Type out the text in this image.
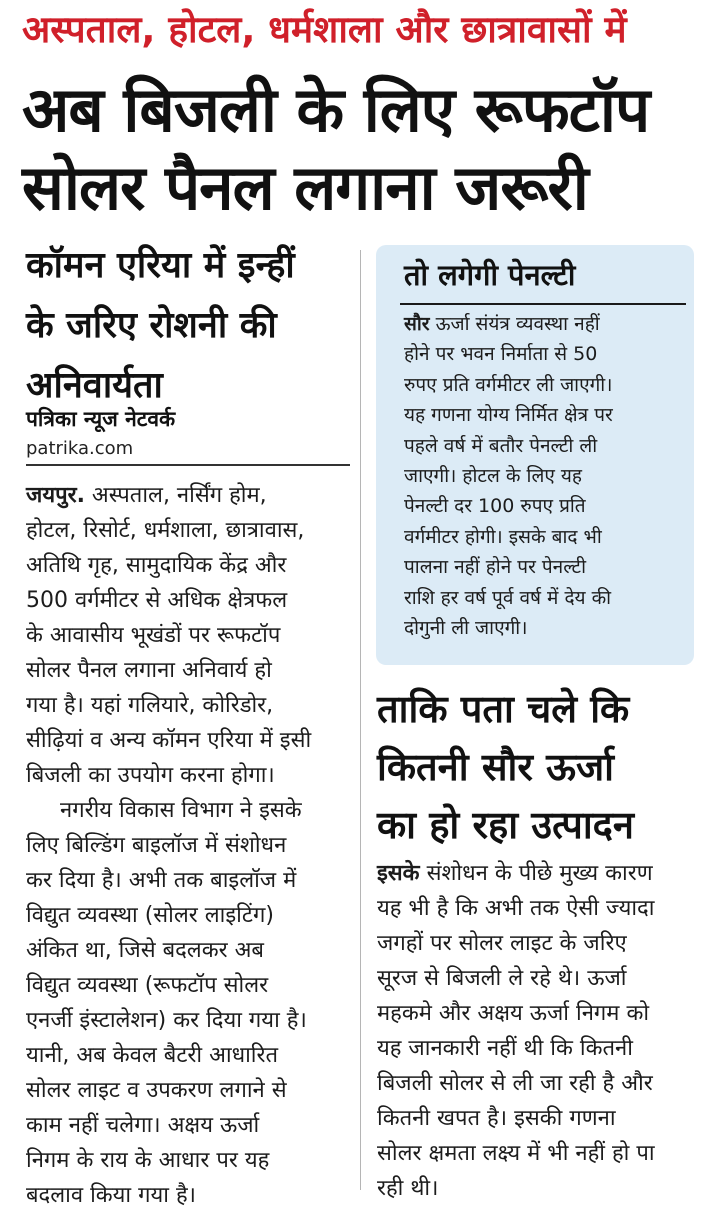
अस्पताल, होटल, धर्मशाला और छात्रावासों में
अब बिजली के लिए रूफटॉप
सोलर पैनल लगाना जरूरी
कॉमन एरिया में इन्हीं
के जरिए रोशनी की
अनिवार्यता
पत्रिका न्यूज नेटवर्क
patrika.com
जयपुर. अस्पताल, नर्सिंग होम,
होटल, रिसोर्ट, धर्मशाला, छात्रावास,
अतिथि गृह, सामुदायिक केंद्र और
500 वर्गमीटर से अधिक क्षेत्रफल
के आवासीय भूखंडों पर रूफटॉप
सोलर पैनल लगाना अनिवार्य हो
गया है। यहां गलियारे, कोरिडोर,
सीढ़ियां व अन्य कॉमन एरिया में इसी
बिजली का उपयोग करना होगा।
नगरीय विकास विभाग ने इसके
लिए बिल्डिंग बाइलॉज में संशोधन
कर दिया है। अभी तक बाइलॉज में
विद्युत व्यवस्था (सोलर लाइटिंग)
अंकित था, जिसे बदलकर अब
विद्युत व्यवस्था (रूफटॉप सोलर
एनर्जी इंस्टालेशन) कर दिया गया है।
यानी, अब केवल बैटरी आधारित
सोलर लाइट व उपकरण लगाने से
काम नहीं चलेगा। अक्षय ऊर्जा
निगम के राय के आधार पर यह
बदलाव किया गया है।
तो लगेगी पेनल्टी
सौर ऊर्जा संयंत्र व्यवस्था नहीं
होने पर भवन निर्माता से 50
रुपए प्रति वर्गमीटर ली जाएगी।
यह गणना योग्य निर्मित क्षेत्र पर
पहले वर्ष में बतौर पेनल्टी ली
जाएगी। होटल के लिए यह
पेनल्टी दर 100 रुपए प्रति
वर्गमीटर होगी। इसके बाद भी
पालना नहीं होने पर पेनल्टी
राशि हर वर्ष पूर्व वर्ष में देय की
दोगुनी ली जाएगी।
ताकि पता चले कि
कितनी सौर ऊर्जा
का हो रहा उत्पादन
इसके संशोधन के पीछे मुख्य कारण
यह भी है कि अभी तक ऐसी ज्यादा
जगहों पर सोलर लाइट के जरिए
सूरज से बिजली ले रहे थे। ऊर्जा
महकमे और अक्षय ऊर्जा निगम को
यह जानकारी नहीं थी कि कितनी
बिजली सोलर से ली जा रही है और
कितनी खपत है। इसकी गणना
सोलर क्षमता लक्ष्य में भी नहीं हो पा
रही थी।
